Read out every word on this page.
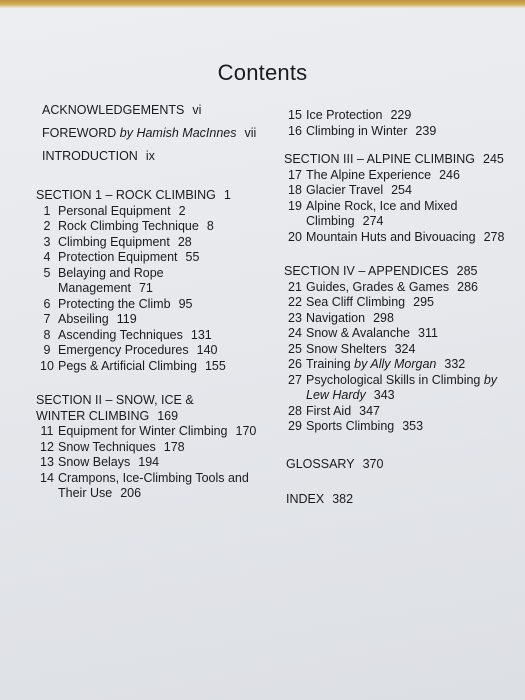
Contents
ACKNOWLEDGEMENTS vi
FOREWORD by Hamish MacInnes vii
INTRODUCTION ix
SECTION 1 – ROCK CLIMBING 1
1 Personal Equipment 2
2 Rock Climbing Technique 8
3 Climbing Equipment 28
4 Protection Equipment 55
5 Belaying and Rope Management 71
6 Protecting the Climb 95
7 Abseiling 119
8 Ascending Techniques 131
9 Emergency Procedures 140
10 Pegs & Artificial Climbing 155
SECTION II – SNOW, ICE & WINTER CLIMBING 169
11 Equipment for Winter Climbing 170
12 Snow Techniques 178
13 Snow Belays 194
14 Crampons, Ice-Climbing Tools and Their Use 206
15 Ice Protection 229
16 Climbing in Winter 239
SECTION III – ALPINE CLIMBING 245
17 The Alpine Experience 246
18 Glacier Travel 254
19 Alpine Rock, Ice and Mixed Climbing 274
20 Mountain Huts and Bivouacing 278
SECTION IV – APPENDICES 285
21 Guides, Grades & Games 286
22 Sea Cliff Climbing 295
23 Navigation 298
24 Snow & Avalanche 311
25 Snow Shelters 324
26 Training by Ally Morgan 332
27 Psychological Skills in Climbing by Lew Hardy 343
28 First Aid 347
29 Sports Climbing 353
GLOSSARY 370
INDEX 382
